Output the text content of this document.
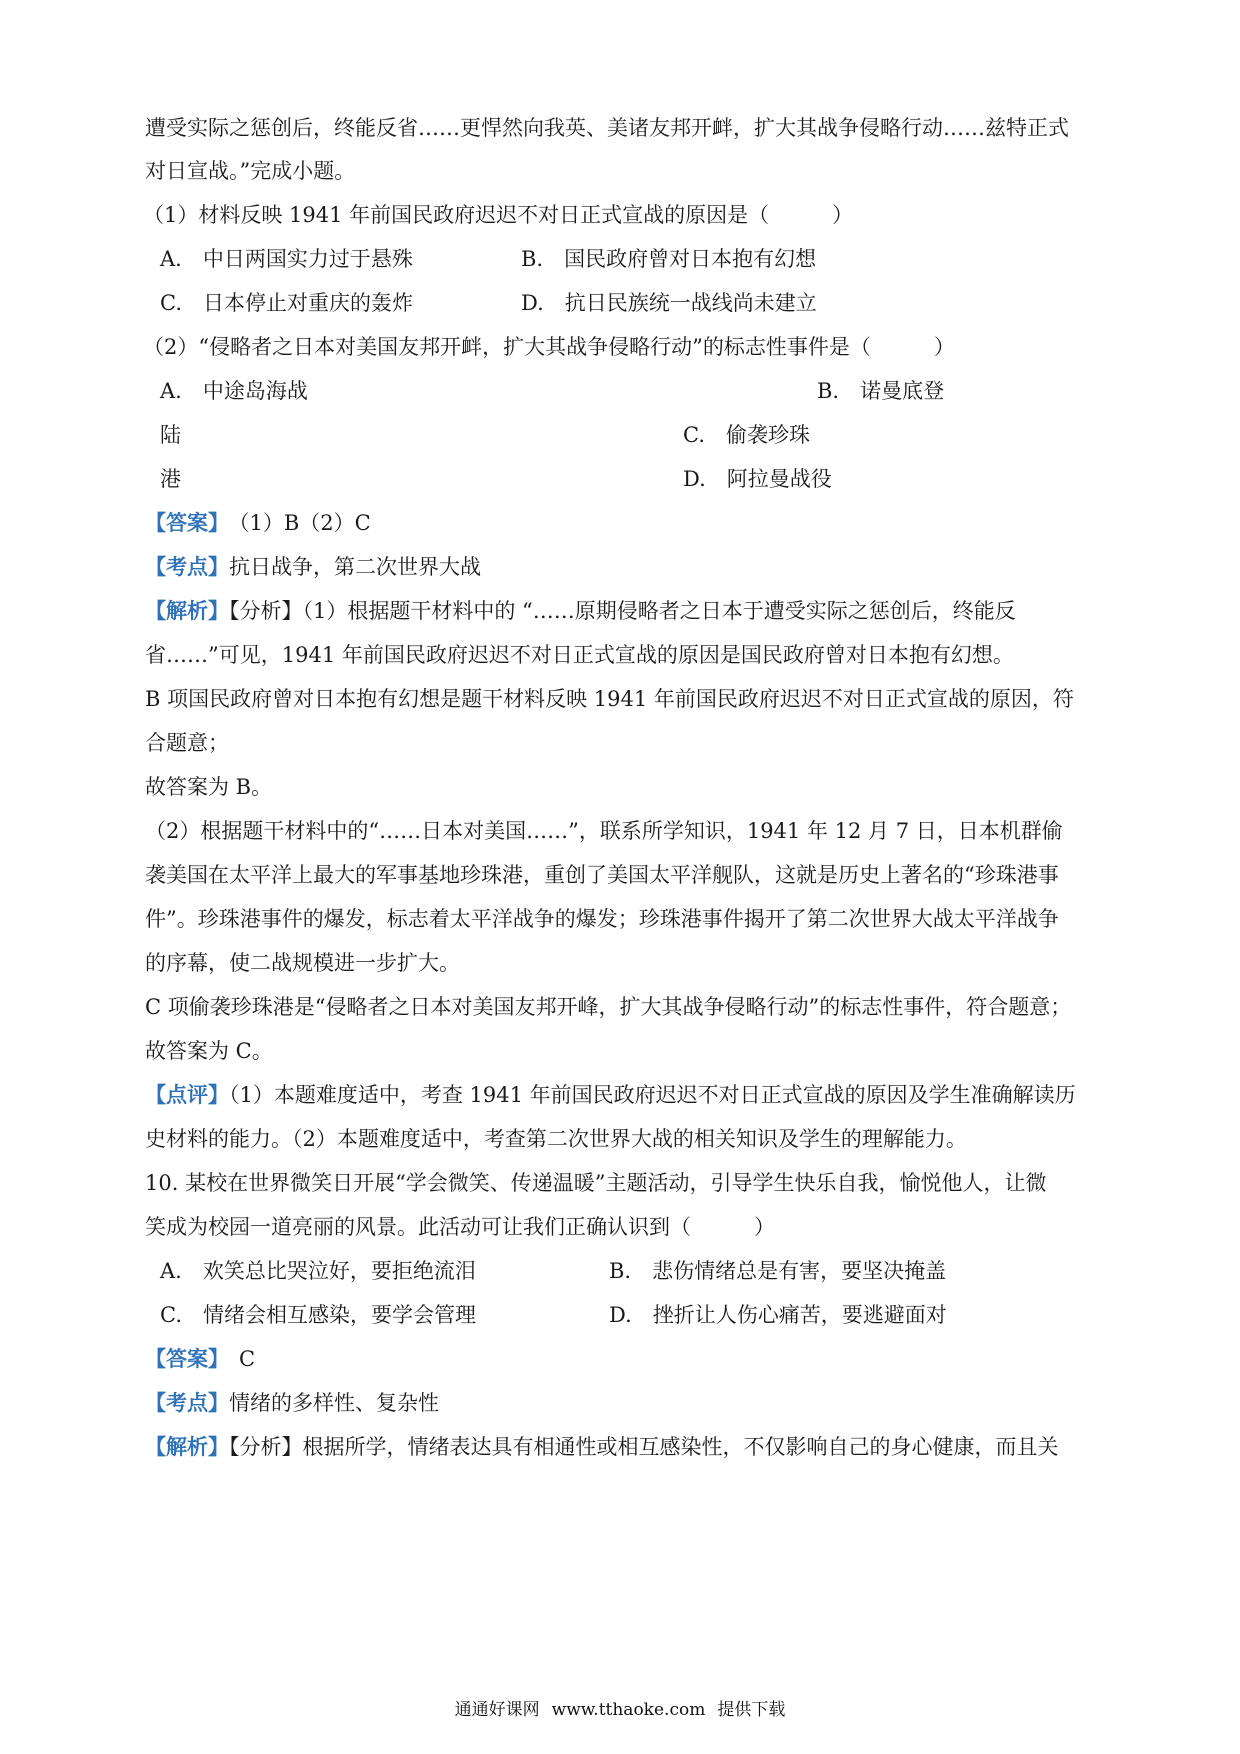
遭受实际之惩创后，终能反省……更悍然向我英、美诸友邦开衅，扩大其战争侵略行动……兹特正式
对日宣战。”完成小题。
（1）材料反映 1941 年前国民政府迟迟不对日正式宣战的原因是（　　　）
A.　中日两国实力过于悬殊	B.　国民政府曾对日本抱有幻想
C.　日本停止对重庆的轰炸	D.　抗日民族统一战线尚未建立
（2）“侵略者之日本对美国友邦开衅，扩大其战争侵略行动”的标志性事件是（　　　）
A.　中途岛海战	B.　诺曼底登
陆	C.　偷袭珍珠
港	D.　阿拉曼战役
【答案】 （1）B（2）C
【考点】抗日战争，第二次世界大战
【解析】【分析】（1）根据题干材料中的 “……原期侵略者之日本于遭受实际之惩创后，终能反
省……”可见，1941 年前国民政府迟迟不对日正式宣战的原因是国民政府曾对日本抱有幻想。
B 项国民政府曾对日本抱有幻想是题干材料反映 1941 年前国民政府迟迟不对日正式宣战的原因，符
合题意；
故答案为 B。
（2）根据题干材料中的“……日本对美国……”，联系所学知识，1941 年 12 月 7 日，日本机群偷
袭美国在太平洋上最大的军事基地珍珠港，重创了美国太平洋舰队，这就是历史上著名的“珍珠港事
件”。珍珠港事件的爆发，标志着太平洋战争的爆发；珍珠港事件揭开了第二次世界大战太平洋战争
的序幕，使二战规模进一步扩大。
C 项偷袭珍珠港是“侵略者之日本对美国友邦开峰，扩大其战争侵略行动”的标志性事件，符合题意；
故答案为 C。
【点评】（1）本题难度适中，考查 1941 年前国民政府迟迟不对日正式宣战的原因及学生准确解读历
史材料的能力。（2）本题难度适中，考查第二次世界大战的相关知识及学生的理解能力。
10. 某校在世界微笑日开展“学会微笑、传递温暖”主题活动，引导学生快乐自我，愉悦他人，让微
笑成为校园一道亮丽的风景。此活动可让我们正确认识到（　　　）
A.　欢笑总比哭泣好，要拒绝流泪	B.　悲伤情绪总是有害，要坚决掩盖
C.　情绪会相互感染，要学会管理	D.　挫折让人伤心痛苦，要逃避面对
【答案】 C
【考点】情绪的多样性、复杂性
【解析】【分析】根据所学，情绪表达具有相通性或相互感染性，不仅影响自己的身心健康，而且关
通通好课网 www.tthaoke.com 提供下载
